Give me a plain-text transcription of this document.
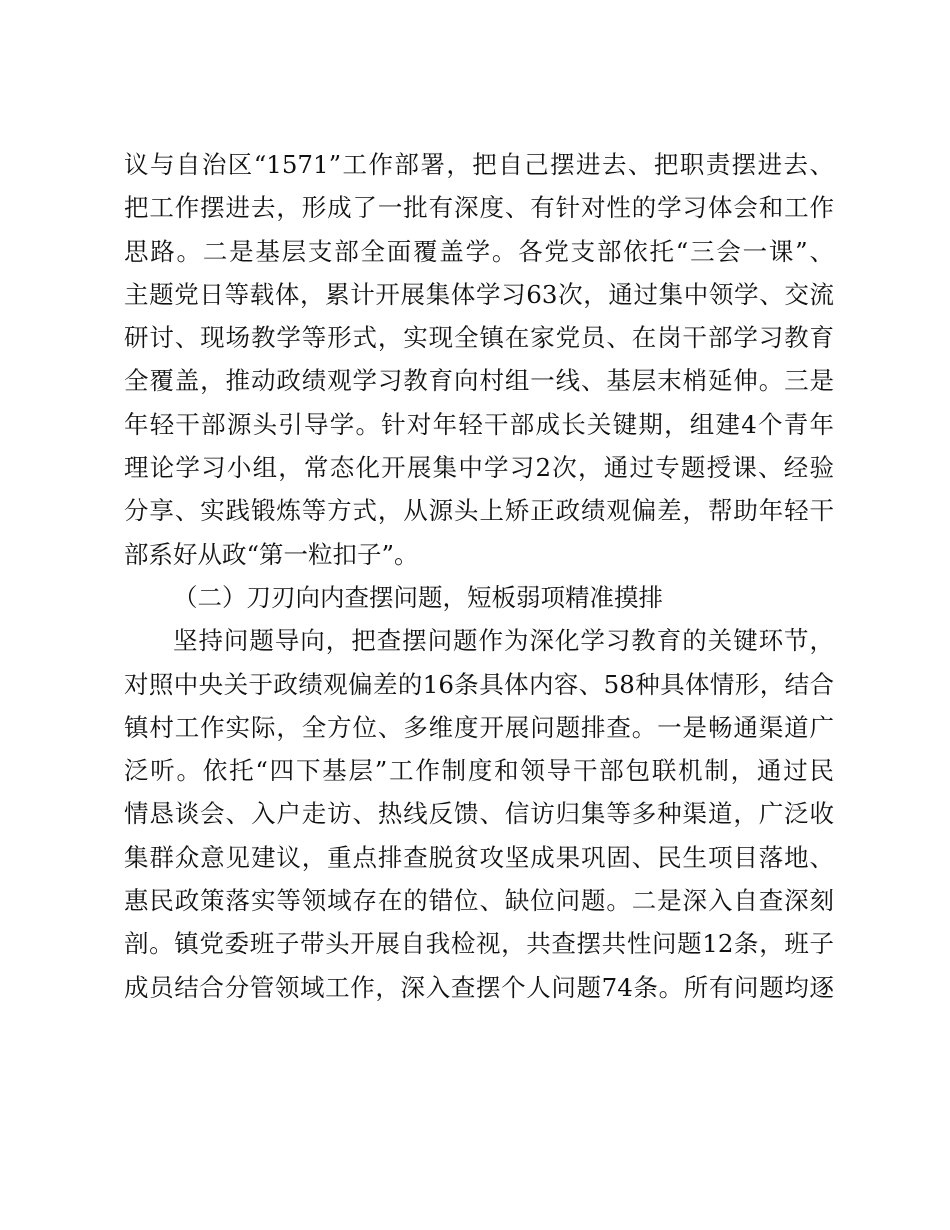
议与自治区“1571”工作部署，把自己摆进去、把职责摆进去、
把工作摆进去，形成了一批有深度、有针对性的学习体会和工作
思路。二是基层支部全面覆盖学。各党支部依托“三会一课”、
主题党日等载体，累计开展集体学习63次，通过集中领学、交流
研讨、现场教学等形式，实现全镇在家党员、在岗干部学习教育
全覆盖，推动政绩观学习教育向村组一线、基层末梢延伸。三是
年轻干部源头引导学。针对年轻干部成长关键期，组建4个青年
理论学习小组，常态化开展集中学习2次，通过专题授课、经验
分享、实践锻炼等方式，从源头上矫正政绩观偏差，帮助年轻干
部系好从政“第一粒扣子”。
（二）刀刃向内查摆问题，短板弱项精准摸排
坚持问题导向，把查摆问题作为深化学习教育的关键环节，
对照中央关于政绩观偏差的16条具体内容、58种具体情形，结合
镇村工作实际，全方位、多维度开展问题排查。一是畅通渠道广
泛听。依托“四下基层”工作制度和领导干部包联机制，通过民
情恳谈会、入户走访、热线反馈、信访归集等多种渠道，广泛收
集群众意见建议，重点排查脱贫攻坚成果巩固、民生项目落地、
惠民政策落实等领域存在的错位、缺位问题。二是深入自查深刻
剖。镇党委班子带头开展自我检视，共查摆共性问题12条，班子
成员结合分管领域工作，深入查摆个人问题74条。所有问题均逐
